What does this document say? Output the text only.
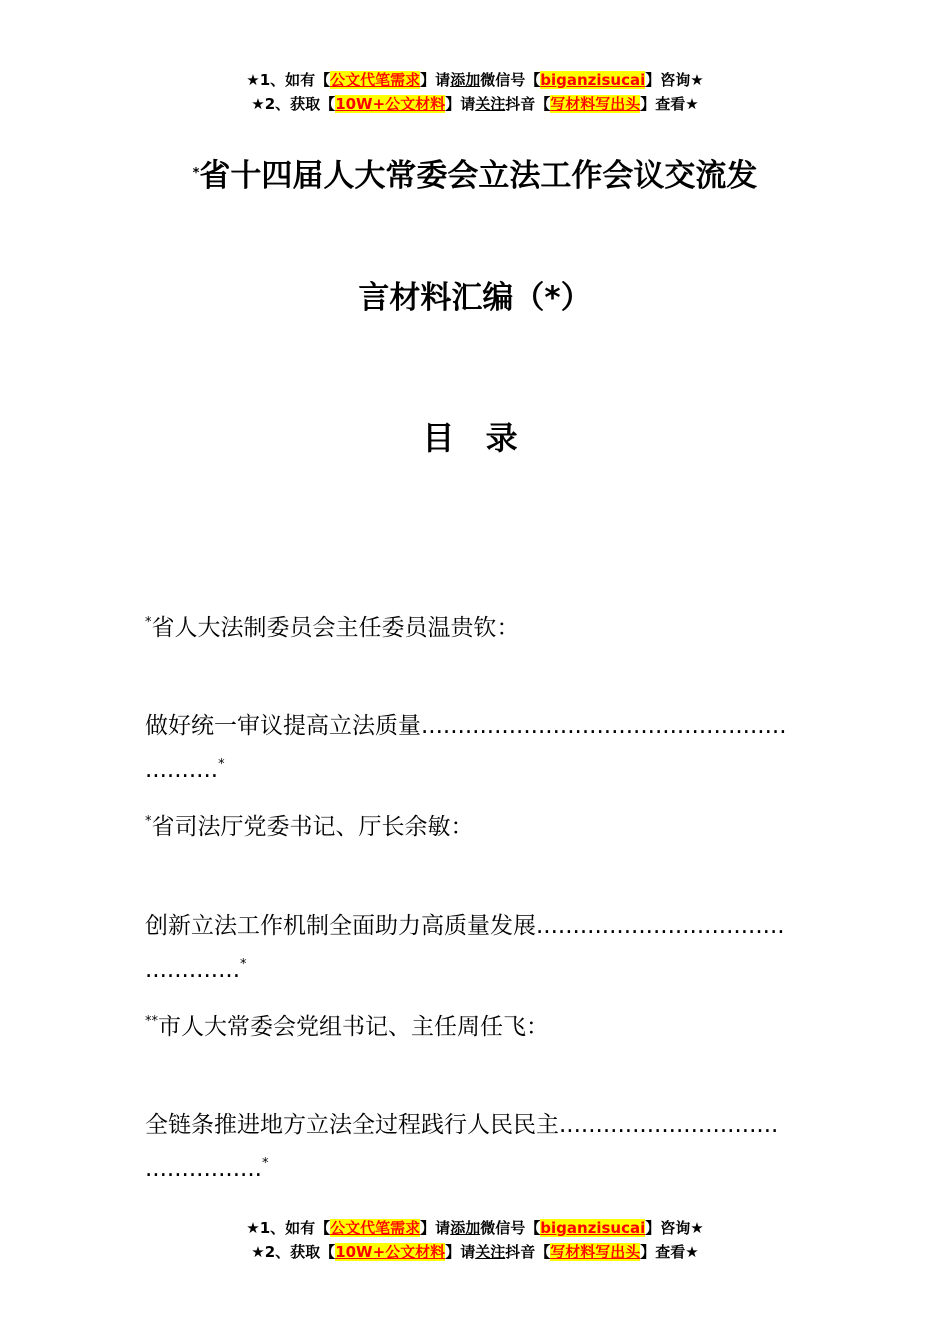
★1、如有【公文代笔需求】请添加微信号【biganzisucai】咨询★
★2、获取【10W+公文材料】请关注抖音【写材料写出头】查看★
*省十四届人大常委会立法工作会议交流发
言材料汇编（*）
目 录
*省人大法制委员会主任委员温贵钦：
做好统一审议提高立法质量..................................................
..........*
*省司法厅党委书记、厅长余敏：
创新立法工作机制全面助力高质量发展..................................
.............*
**市人大常委会党组书记、主任周任飞：
全链条推进地方立法全过程践行人民民主..............................
................*
★1、如有【公文代笔需求】请添加微信号【biganzisucai】咨询★
★2、获取【10W+公文材料】请关注抖音【写材料写出头】查看★
